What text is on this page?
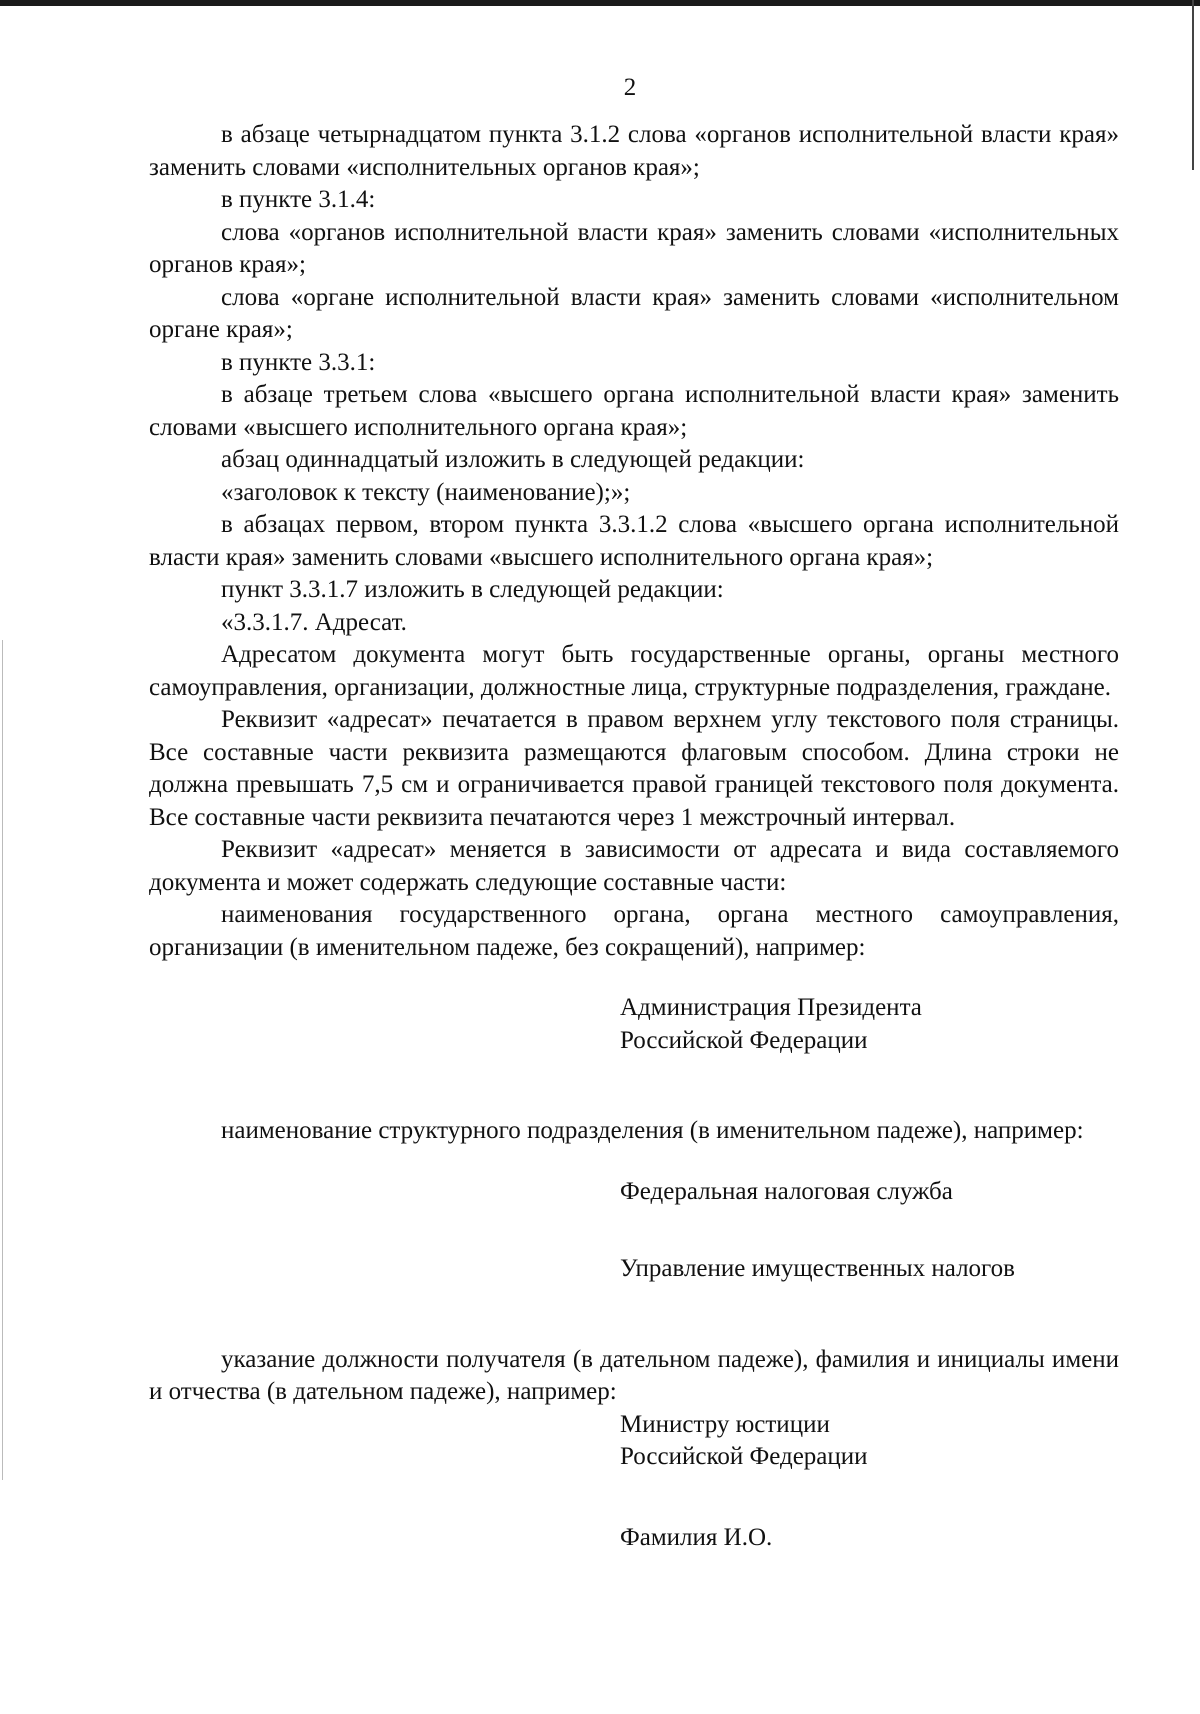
2

в абзаце четырнадцатом пункта 3.1.2 слова «органов исполнительной власти края» заменить словами «исполнительных органов края»;

в пункте 3.1.4:

слова «органов исполнительной власти края» заменить словами «исполнительных органов края»;

слова «органе исполнительной власти края» заменить словами «исполнительном органе края»;

в пункте 3.3.1:

в абзаце третьем слова «высшего органа исполнительной власти края» заменить словами «высшего исполнительного органа края»;

абзац одиннадцатый изложить в следующей редакции:

«заголовок к тексту (наименование);»;

в абзацах первом, втором пункта 3.3.1.2 слова «высшего органа исполнительной власти края» заменить словами «высшего исполнительного органа края»;

пункт 3.3.1.7 изложить в следующей редакции:

«3.3.1.7. Адресат.

Адресатом документа могут быть государственные органы, органы местного самоуправления, организации, должностные лица, структурные подразделения, граждане.

Реквизит «адресат» печатается в правом верхнем углу текстового поля страницы. Все составные части реквизита размещаются флаговым способом. Длина строки не должна превышать 7,5 см и ограничивается правой границей текстового поля документа. Все составные части реквизита печатаются через 1 межстрочный интервал.

Реквизит «адресат» меняется в зависимости от адресата и вида составляемого документа и может содержать следующие составные части:

наименования государственного органа, органа местного самоуправления, организации (в именительном падеже, без сокращений), например:

Администрация Президента

Российской Федерации

наименование структурного подразделения (в именительном падеже), например:

Федеральная налоговая служба

Управление имущественных налогов

указание должности получателя (в дательном падеже), фамилия и инициалы имени и отчества (в дательном падеже), например:

Министру юстиции

Российской Федерации

Фамилия И.О.
